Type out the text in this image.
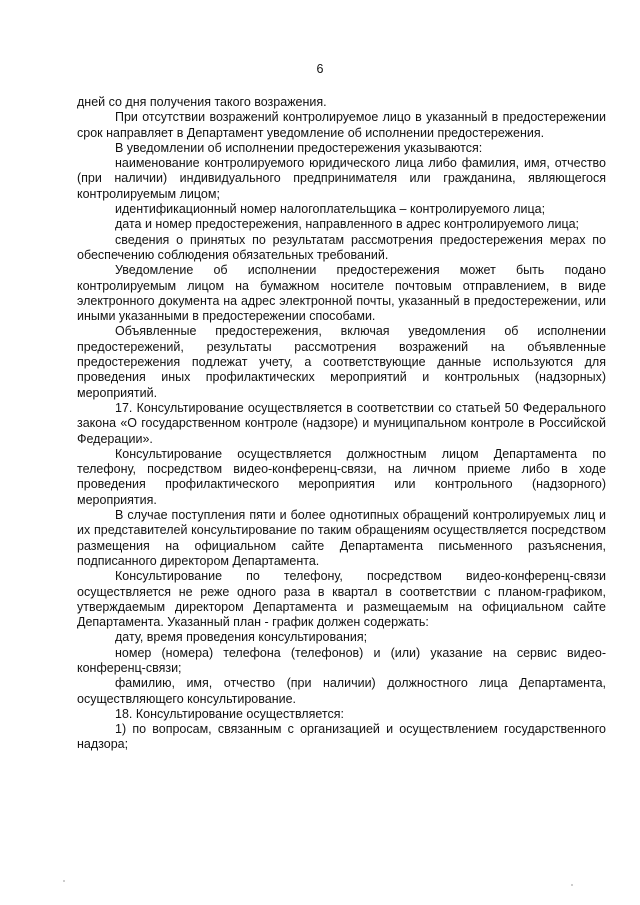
6

дней со дня получения такого возражения.

При отсутствии возражений контролируемое лицо в указанный в предостережении срок направляет в Департамент уведомление об исполнении предостережения.

В уведомлении об исполнении предостережения указываются:

наименование контролируемого юридического лица либо фамилия, имя, отчество (при наличии) индивидуального предпринимателя или гражданина, являющегося контролируемым лицом;

идентификационный номер налогоплательщика – контролируемого лица;

дата и номер предостережения, направленного в адрес контролируемого лица;

сведения о принятых по результатам рассмотрения предостережения мерах по обеспечению соблюдения обязательных требований.

Уведомление об исполнении предостережения может быть подано контролируемым лицом на бумажном носителе почтовым отправлением, в виде электронного документа на адрес электронной почты, указанный в предостережении, или иными указанными в предостережении способами.

Объявленные предостережения, включая уведомления об исполнении предостережений, результаты рассмотрения возражений на объявленные предостережения подлежат учету, а соответствующие данные используются для проведения иных профилактических мероприятий и контрольных (надзорных) мероприятий.

17. Консультирование осуществляется в соответствии со статьей 50 Федерального закона «О государственном контроле (надзоре) и муниципальном контроле в Российской Федерации».

Консультирование осуществляется должностным лицом Департамента по телефону, посредством видео-конференц-связи, на личном приеме либо в ходе проведения профилактического мероприятия или контрольного (надзорного) мероприятия.

В случае поступления пяти и более однотипных обращений контролируемых лиц и их представителей консультирование по таким обращениям осуществляется посредством размещения на официальном сайте Департамента письменного разъяснения, подписанного директором Департамента.

Консультирование по телефону, посредством видео-конференц-связи осуществляется не реже одного раза в квартал в соответствии с планом-графиком, утверждаемым директором Департамента и размещаемым на официальном сайте Департамента. Указанный план - график должен содержать:

дату, время проведения консультирования;

номер (номера) телефона (телефонов) и (или) указание на сервис видео-конференц-связи;

фамилию, имя, отчество (при наличии) должностного лица Департамента, осуществляющего консультирование.

18. Консультирование осуществляется:

1) по вопросам, связанным с организацией и осуществлением государственного надзора;
